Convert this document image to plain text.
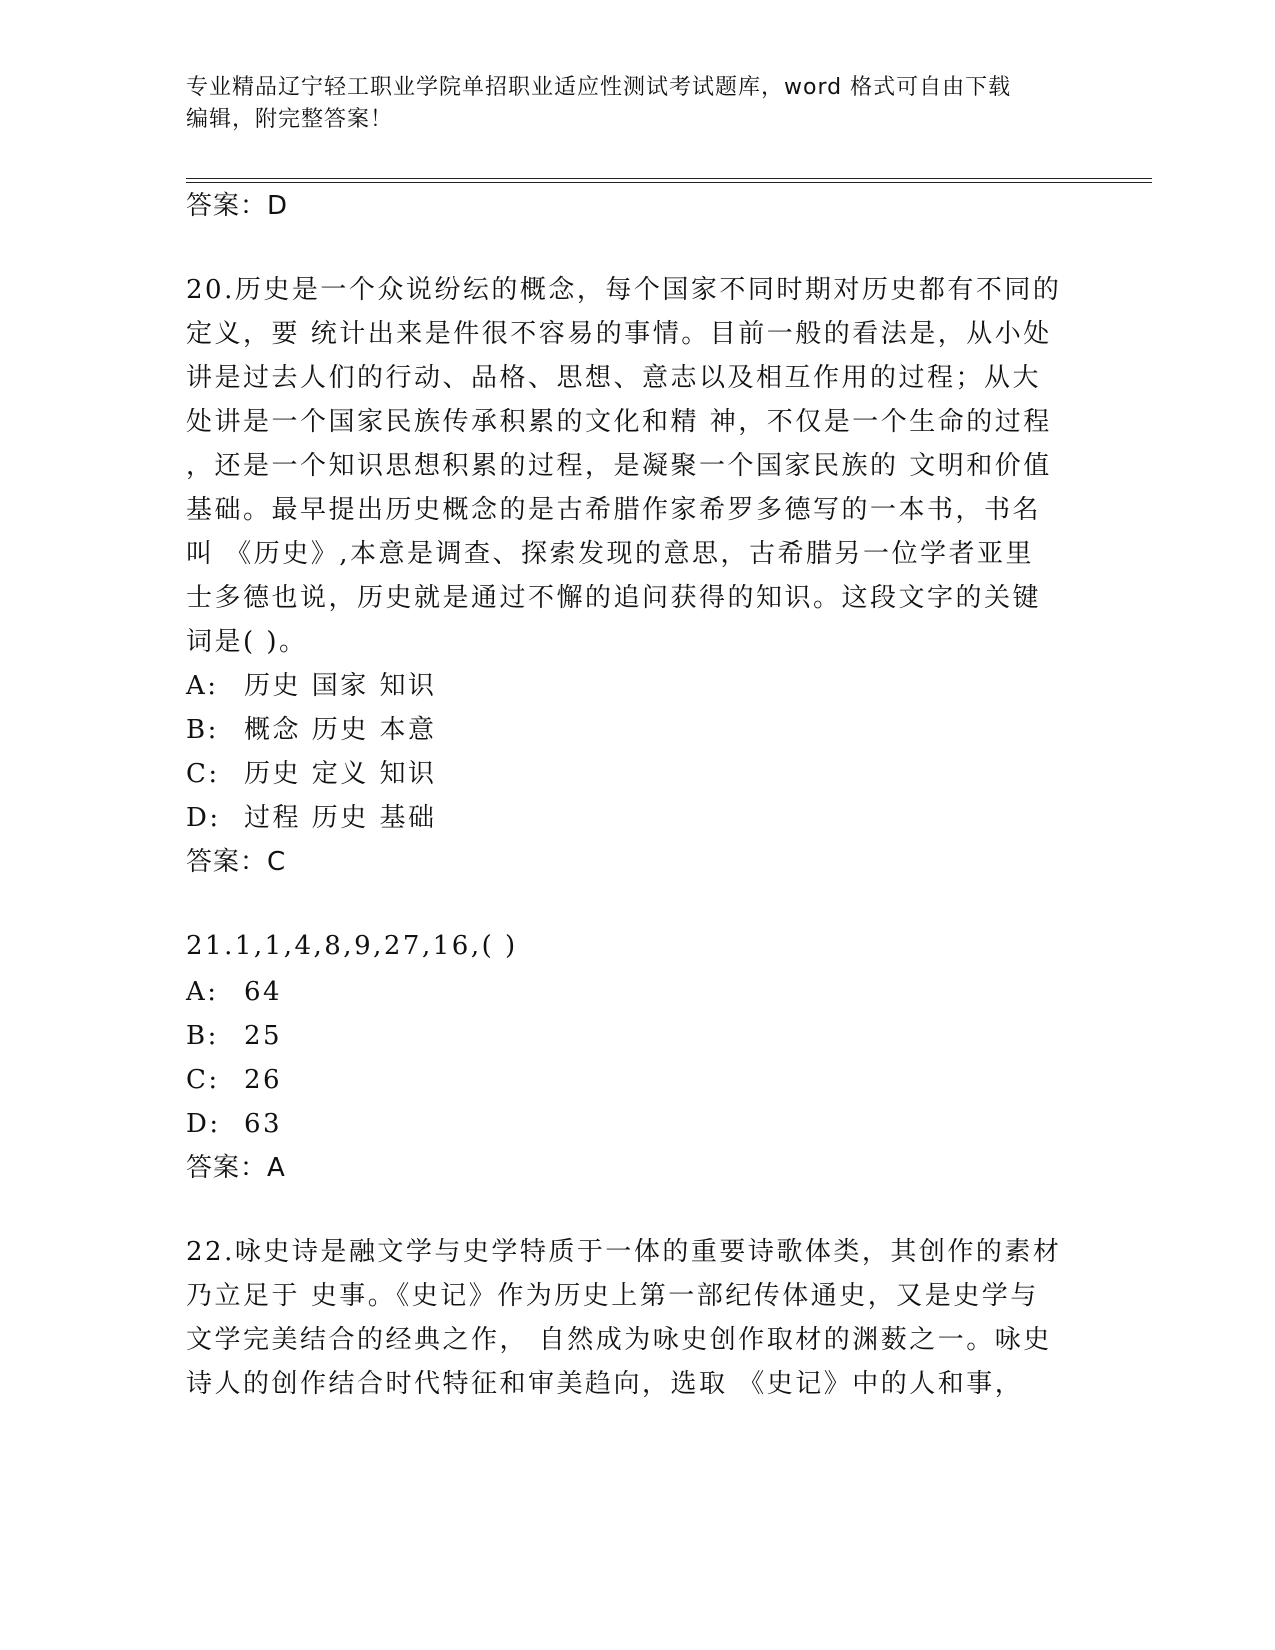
专业精品辽宁轻工职业学院单招职业适应性测试考试题库，word 格式可自由下载
编辑，附完整答案！
答案：D
20.历史是一个众说纷纭的概念，每个国家不同时期对历史都有不同的
定义，要 统计出来是件很不容易的事情。目前一般的看法是，从小处
讲是过去人们的行动、品格、思想、意志以及相互作用的过程；从大
处讲是一个国家民族传承积累的文化和精 神，不仅是一个生命的过程
，还是一个知识思想积累的过程，是凝聚一个国家民族的 文明和价值
基础。最早提出历史概念的是古希腊作家希罗多德写的一本书，书名
叫 《历史》,本意是调查、探索发现的意思，古希腊另一位学者亚里
士多德也说，历史就是通过不懈的追问获得的知识。这段文字的关键
词是( )。
A: 历史 国家 知识
B: 概念 历史 本意
C: 历史 定义 知识
D: 过程 历史 基础
答案：C
21.1,1,4,8,9,27,16,( )
A: 64
B: 25
C: 26
D: 63
答案：A
22.咏史诗是融文学与史学特质于一体的重要诗歌体类，其创作的素材
乃立足于 史事。《史记》作为历史上第一部纪传体通史，又是史学与
文学完美结合的经典之作， 自然成为咏史创作取材的渊薮之一。咏史
诗人的创作结合时代特征和审美趋向，选取 《史记》中的人和事，
